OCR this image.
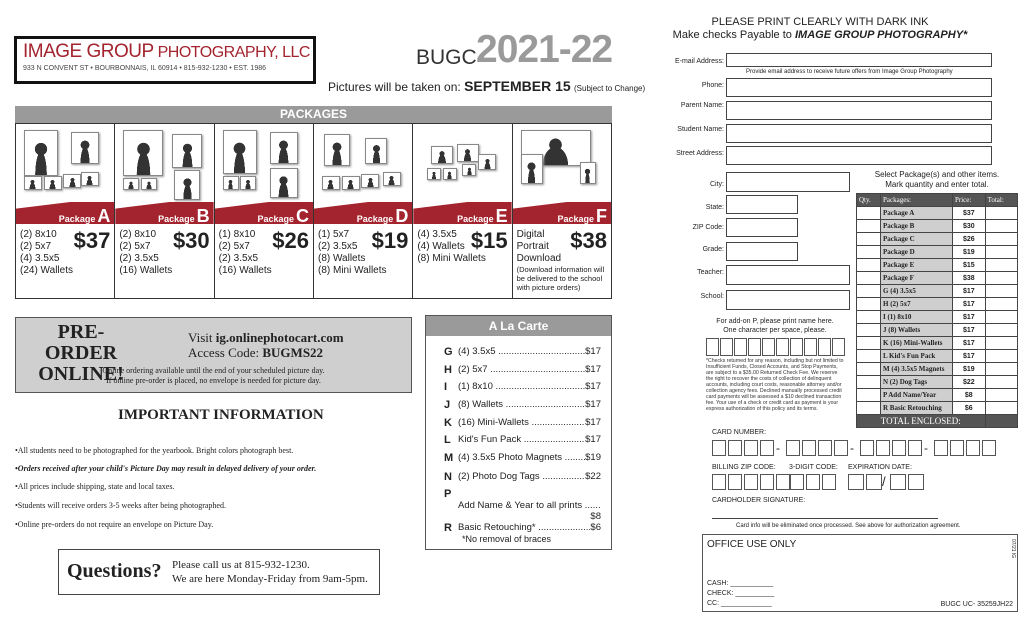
IMAGE GROUP PHOTOGRAPHY, LLC
933 N CONVENT ST • BOURBONNAIS, IL 60914 • 815-932-1230 • EST. 1986	BUGC 2021-22
Pictures will be taken on: SEPTEMBER 15 (Subject to Change)
PACKAGES
Package A
(2) 8x10
(2) 5x7
(4) 3.5x5
(24) Wallets
$37
Package B
(2) 8x10
(2) 5x7
(2) 3.5x5
(16) Wallets
$30
Package C
(1) 8x10
(2) 5x7
(2) 3.5x5
(16) Wallets
$26
Package D
(1) 5x7
(2) 3.5x5
(8) Wallets
(8) Mini Wallets
$19
Package E
(4) 3.5x5
(4) Wallets
(8) Mini Wallets
$15
Package F
Digital
Portrait
Download
(Download information will be delivered to the school with picture orders)
$38
PRE-ORDER
ONLINE!
Visit ig.onlinephotocart.com
Access Code: BUGMS22
Online ordering available until the end of your scheduled picture day.
If online pre-order is placed, no envelope is needed for picture day.
IMPORTANT INFORMATION
•All students need to be photographed for the yearbook. Bright colors photograph best.
•Orders received after your child's Picture Day may result in delayed delivery of your order.
•All prices include shipping, state and local taxes.
•Students will receive orders 3-5 weeks after being photographed.
•Online pre-orders do not require an envelope on Picture Day.
Questions? Please call us at 815-932-1230.
We are here Monday-Friday from 9am-5pm.
A La Carte
G (4) 3.5x5 .....	$17
H (2) 5x7 .....	$17
I	(1) 8x10 .....	$17
J (8) Wallets .....	$17
K (16) Mini-Wallets .....	$17
L Kid's Fun Pack .....	$17
M (4) 3.5x5 Photo Magnets .....	$19
N (2) Photo Dog Tags .....	$22
P
Add Name & Year to all prints .....
$8
R Basic Retouching* .....	$6
*No removal of braces
PLEASE PRINT CLEARLY WITH DARK INK
Make checks Payable to IMAGE GROUP PHOTOGRAPHY*
E-mail Address:
Provide email address to receive future offers from Image Group Photography
Phone:
Parent Name:
Student Name:
Street Address:
City:
State:
ZIP Code:
Grade:
Teacher:
School:
For add-on P, please print name here.
One character per space, please.
*Checks returned for any reason, including but not limited to Insufficient Funds, Closed Accounts, and Stop Payments, are subject to a $35.00 Returned Check Fee. We reserve the right to recover the costs of collection of delinquent accounts, including court costs, reasonable attorney and/or collection agency fees. Declined manually processed credit card payments will be assessed a $10 declined transaction fee. Your use of a check or credit card as payment is your express authorization of this policy and its terms.
Select Package(s) and other items.
Mark quantity and enter total.
Qty.	Packages:	Price:	Total:
	Package A	$37	
	Package B	$30	
	Package C	$26	
	Package D	$19	
	Package E	$15	
	Package F	$38	
	G (4) 3.5x5	$17	
	H (2) 5x7	$17	
	I (1) 8x10	$17	
	J (8) Wallets	$17	
	K (16) Mini-Wallets	$17	
	L Kid's Fun Pack	$17	
	M (4) 3.5x5 Magnets	$19	
	N (2) Dog Tags	$22	
	P Add Name/Year	$8	
	R Basic Retouching	$6	
TOTAL ENCLOSED:			
CARD NUMBER:
-	-	-
BILLING ZIP CODE: 3-DIGIT CODE: EXPIRATION DATE:
/
CARDHOLDER SIGNATURE:
Card info will be eliminated once processed. See above for authorization agreement.
OFFICE USE ONLY
CASH: ___________
CHECK: __________
CC: _____________	BUGC UC- 35259JH22
07/21 IG
